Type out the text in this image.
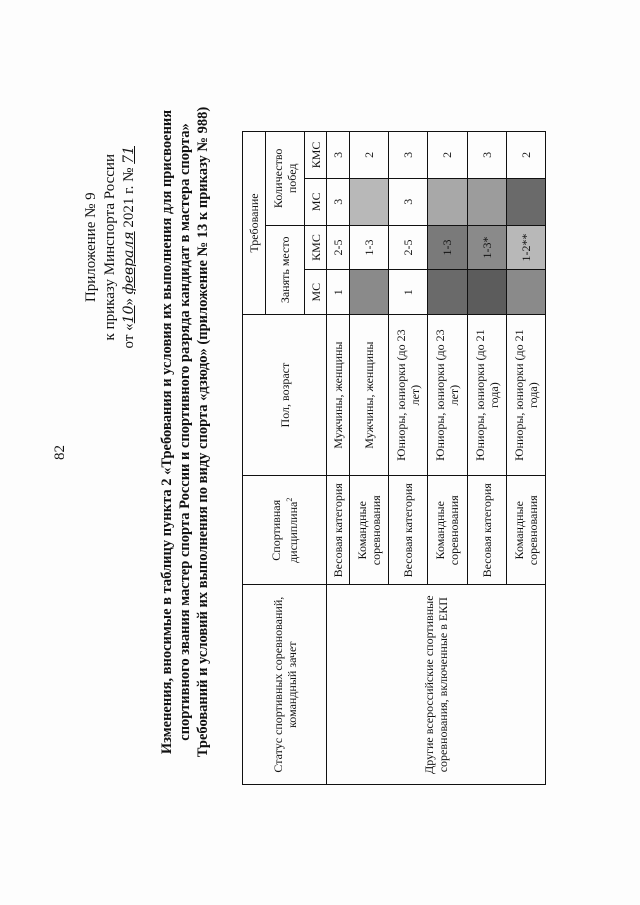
82
Приложение № 9 к приказу Минспорта России от «10» февраля 2021 г. № 71 Изменения, вносимые в таблицу пункта 2 «Требования и условия их выполнения для присвоения спортивного звания мастер спорта России и спортивного разряда кандидат в мастера спорта» Требований и условий их выполнения по виду спорта «дзюдо» (приложение № 13 к приказу № 988)	Статус спортивных соревнований, командный зачет	Спортивная дисциплина$^2$	Пол, возраст	Требование			
			Занять место		Количество побед	
			МС	КМС	МС	КМС
Другие всероссийские спортивные соревнования, включенные в ЕКП	Весовая категория	Мужчины, женщины	1	2-5	3	3
	Командные соревнования	Мужчины, женщины		1-3		2
	Весовая категория	Юниоры, юниорки (до 23 лет)	1	2-5	3	3
	Командные соревнования	Юниоры, юниорки (до 23 лет)		1-3		2
	Весовая категория	Юниоры, юниорки (до 21 года)		1-3*		3
	Командные соревнования	Юниоры, юниорки (до 21 года)		1-2**		2
